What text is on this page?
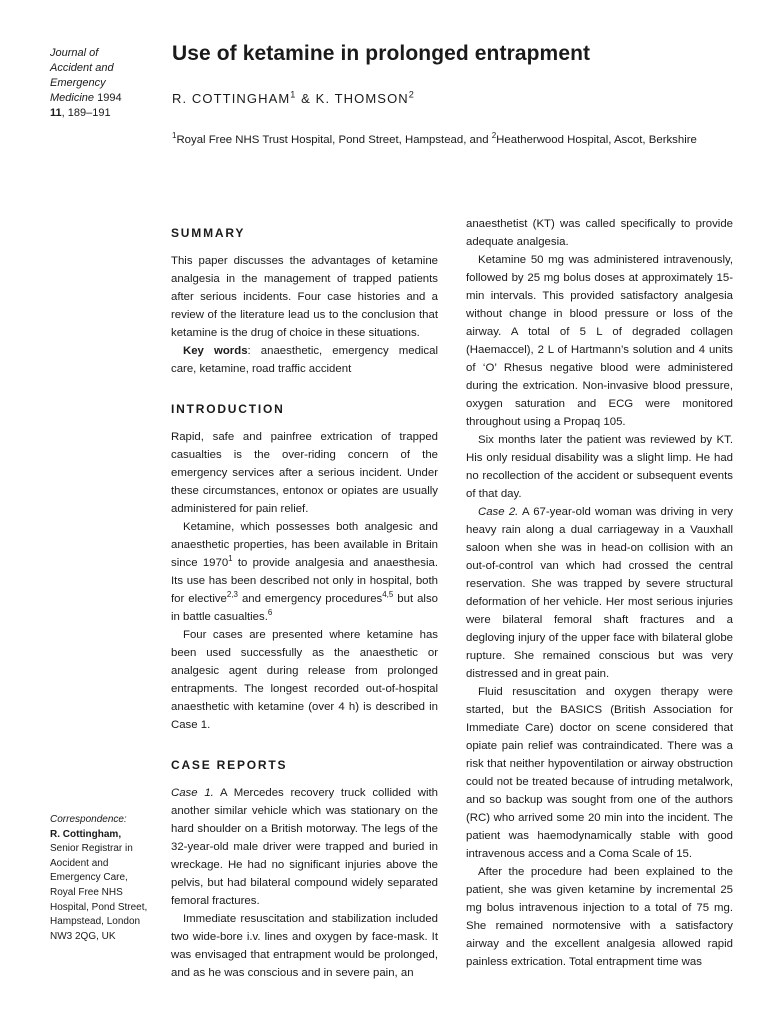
Journal of
Accident and
Emergency
Medicine 1994
11, 189–191
Use of ketamine in prolonged entrapment
R. COTTINGHAM$^1$ & K. THOMSON$^2$
$^1$Royal Free NHS Trust Hospital, Pond Street, Hampstead, and $^2$Heatherwood Hospital, Ascot, Berkshire
SUMMARY

This paper discusses the advantages of ketamine analgesia in the management of trapped patients after serious incidents. Four case histories and a review of the literature lead us to the conclusion that ketamine is the drug of choice in these situations.

Key words: anaesthetic, emergency medical care, ketamine, road traffic accident

INTRODUCTION

Rapid, safe and painfree extrication of trapped casualties is the over-riding concern of the emergency services after a serious incident. Under these circumstances, entonox or opiates are usually administered for pain relief.

Ketamine, which possesses both analgesic and anaesthetic properties, has been available in Britain since 1970$^1$ to provide analgesia and anaesthesia. Its use has been described not only in hospital, both for elective$^{2,3}$ and emergency procedures$^{4,5}$ but also in battle casualties.$^6$

Four cases are presented where ketamine has been used successfully as the anaesthetic or analgesic agent during release from prolonged entrapments. The longest recorded out-of-hospital anaesthetic with ketamine (over 4 h) is described in Case 1.

CASE REPORTS

Case 1. A Mercedes recovery truck collided with another similar vehicle which was stationary on the hard shoulder on a British motorway. The legs of the 32-year-old male driver were trapped and buried in wreckage. He had no significant injuries above the pelvis, but had bilateral compound widely separated femoral fractures.

Immediate resuscitation and stabilization included two wide-bore i.v. lines and oxygen by face-mask. It was envisaged that entrapment would be prolonged, and as he was conscious and in severe pain, an

anaesthetist (KT) was called specifically to provide adequate analgesia.

Ketamine 50 mg was administered intravenously, followed by 25 mg bolus doses at approximately 15-min intervals. This provided satisfactory analgesia without change in blood pressure or loss of the airway. A total of 5 L of degraded collagen (Haemaccel), 2 L of Hartmann’s solution and 4 units of ‘O’ Rhesus negative blood were administered during the extrication. Non-invasive blood pressure, oxygen saturation and ECG were monitored throughout using a Propaq 105.

Six months later the patient was reviewed by KT. His only residual disability was a slight limp. He had no recollection of the accident or subsequent events of that day.

Case 2. A 67-year-old woman was driving in very heavy rain along a dual carriageway in a Vauxhall saloon when she was in head-on collision with an out-of-control van which had crossed the central reservation. She was trapped by severe structural deformation of her vehicle. Her most serious injuries were bilateral femoral shaft fractures and a degloving injury of the upper face with bilateral globe rupture. She remained conscious but was very distressed and in great pain.

Fluid resuscitation and oxygen therapy were started, but the BASICS (British Association for Immediate Care) doctor on scene considered that opiate pain relief was contraindicated. There was a risk that neither hypoventilation or airway obstruction could not be treated because of intruding metalwork, and so backup was sought from one of the authors (RC) who arrived some 20 min into the incident. The patient was haemodynamically stable with good intravenous access and a Coma Scale of 15.

After the procedure had been explained to the patient, she was given ketamine by incremental 25 mg bolus intravenous injection to a total of 75 mg. She remained normotensive with a satisfactory airway and the excellent analgesia allowed rapid painless extrication. Total entrapment time was

Correspondence:
R. Cottingham,
Senior Registrar in
Aocident and
Emergency Care,
Royal Free NHS
Hospital, Pond Street,
Hampstead, London
NW3 2QG, UK
